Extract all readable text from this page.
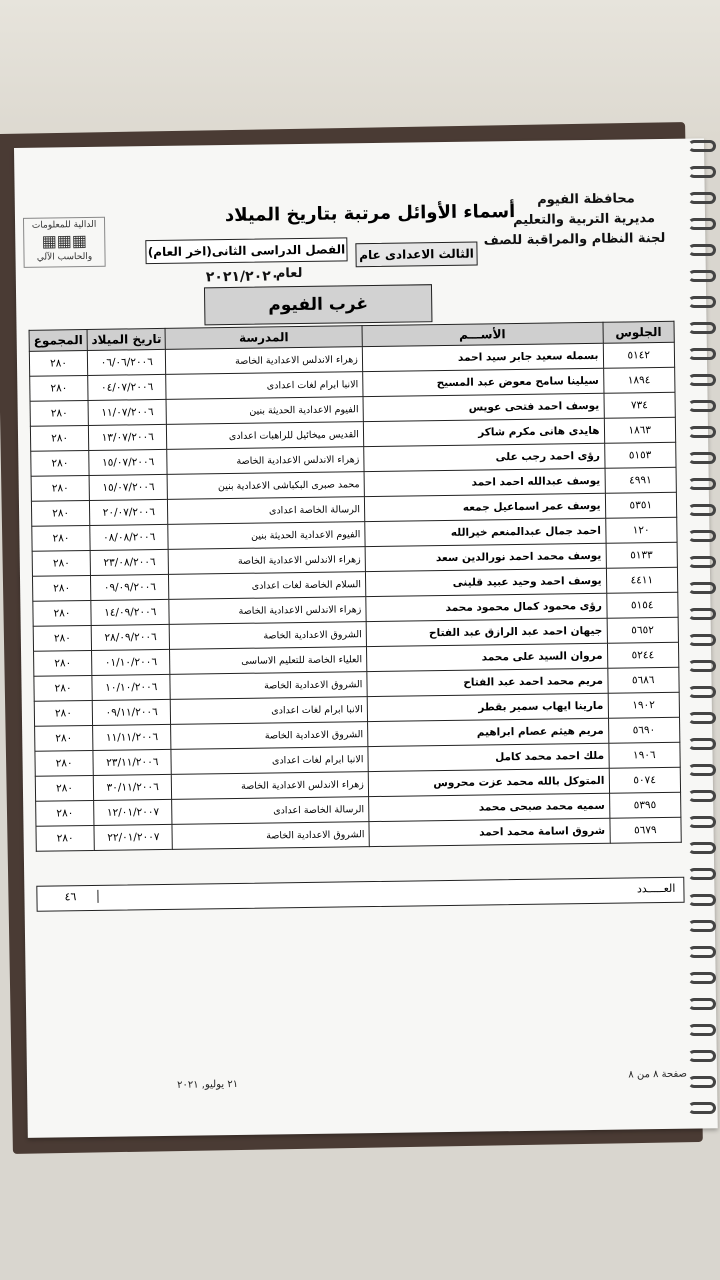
الدالية للمعلومات
▦▦▦
والحاسب الآلي
محافظة الفيوم
مديرية التربية والتعليم
لجنة النظام والمراقبة للصف
أسماء الأوائل مرتبة بتاريخ الميلاد
الثالث الاعدادى عام
الفصل الدراسى الثانى(اخر العام)
لعام
٢٠٢١/٢٠٢٠
غرب الفيوم
الجلوس	الأســـم	المدرسة	تاريخ الميلاد	المجموع
٥١٤٢	بسمله سعيد جابر سيد احمد	زهراء الاندلس الاعدادية الخاصة	٠٦/٠٦/٢٠٠٦	٢٨٠
١٨٩٤	سيلينا سامح معوض عبد المسيح	الانبا ابرام لغات اعدادى	٠٤/٠٧/٢٠٠٦	٢٨٠
٧٣٤	يوسف احمد فتحى عويس	الفيوم الاعدادية الحديثة بنين	١١/٠٧/٢٠٠٦	٢٨٠
١٨٦٣	هايدى هانى مكرم شاكر	القديس ميخائيل للراهبات اعدادى	١٣/٠٧/٢٠٠٦	٢٨٠
٥١٥٣	رؤى احمد رجب على	زهراء الاندلس الاعدادية الخاصة	١٥/٠٧/٢٠٠٦	٢٨٠
٤٩٩١	يوسف عبدالله احمد احمد	محمد صبرى البكباشى الاعدادية بنين	١٥/٠٧/٢٠٠٦	٢٨٠
٥٣٥١	يوسف عمر اسماعيل جمعه	الرسالة الخاصة اعدادى	٢٠/٠٧/٢٠٠٦	٢٨٠
١٢٠	احمد جمال عبدالمنعم خيرالله	الفيوم الاعدادية الحديثة بنين	٠٨/٠٨/٢٠٠٦	٢٨٠
٥١٣٣	يوسف محمد احمد نورالدين سعد	زهراء الاندلس الاعدادية الخاصة	٢٣/٠٨/٢٠٠٦	٢٨٠
٤٤١١	يوسف احمد وحيد عبيد قلينى	السلام الخاصة لغات اعدادى	٠٩/٠٩/٢٠٠٦	٢٨٠
٥١٥٤	رؤى محمود كمال محمود محمد	زهراء الاندلس الاعدادية الخاصة	١٤/٠٩/٢٠٠٦	٢٨٠
٥٦٥٢	جيهان احمد عبد الرازق عبد الفتاح	الشروق الاعدادية الخاصة	٢٨/٠٩/٢٠٠٦	٢٨٠
٥٢٤٤	مروان السيد على محمد	العلياء الخاصة للتعليم الاساسى	٠١/١٠/٢٠٠٦	٢٨٠
٥٦٨٦	مريم محمد احمد عبد الفتاح	الشروق الاعدادية الخاصة	١٠/١٠/٢٠٠٦	٢٨٠
١٩٠٢	مارينا ايهاب سمير بقطر	الانبا ابرام لغات اعدادى	٠٩/١١/٢٠٠٦	٢٨٠
٥٦٩٠	مريم هيثم عصام ابراهيم	الشروق الاعدادية الخاصة	١١/١١/٢٠٠٦	٢٨٠
١٩٠٦	ملك احمد محمد كامل	الانبا ابرام لغات اعدادى	٢٣/١١/٢٠٠٦	٢٨٠
٥٠٧٤	المتوكل بالله محمد عزت محروس	زهراء الاندلس الاعدادية الخاصة	٣٠/١١/٢٠٠٦	٢٨٠
٥٣٩٥	سميه محمد صبحى محمد	الرسالة الخاصة اعدادى	١٢/٠١/٢٠٠٧	٢٨٠
٥٦٧٩	شروق اسامة محمد احمد	الشروق الاعدادية الخاصة	٢٢/٠١/٢٠٠٧	٢٨٠
العـــــدد
٤٦
صفحة ٨ من ٨
٢١ يوليو, ٢٠٢١
